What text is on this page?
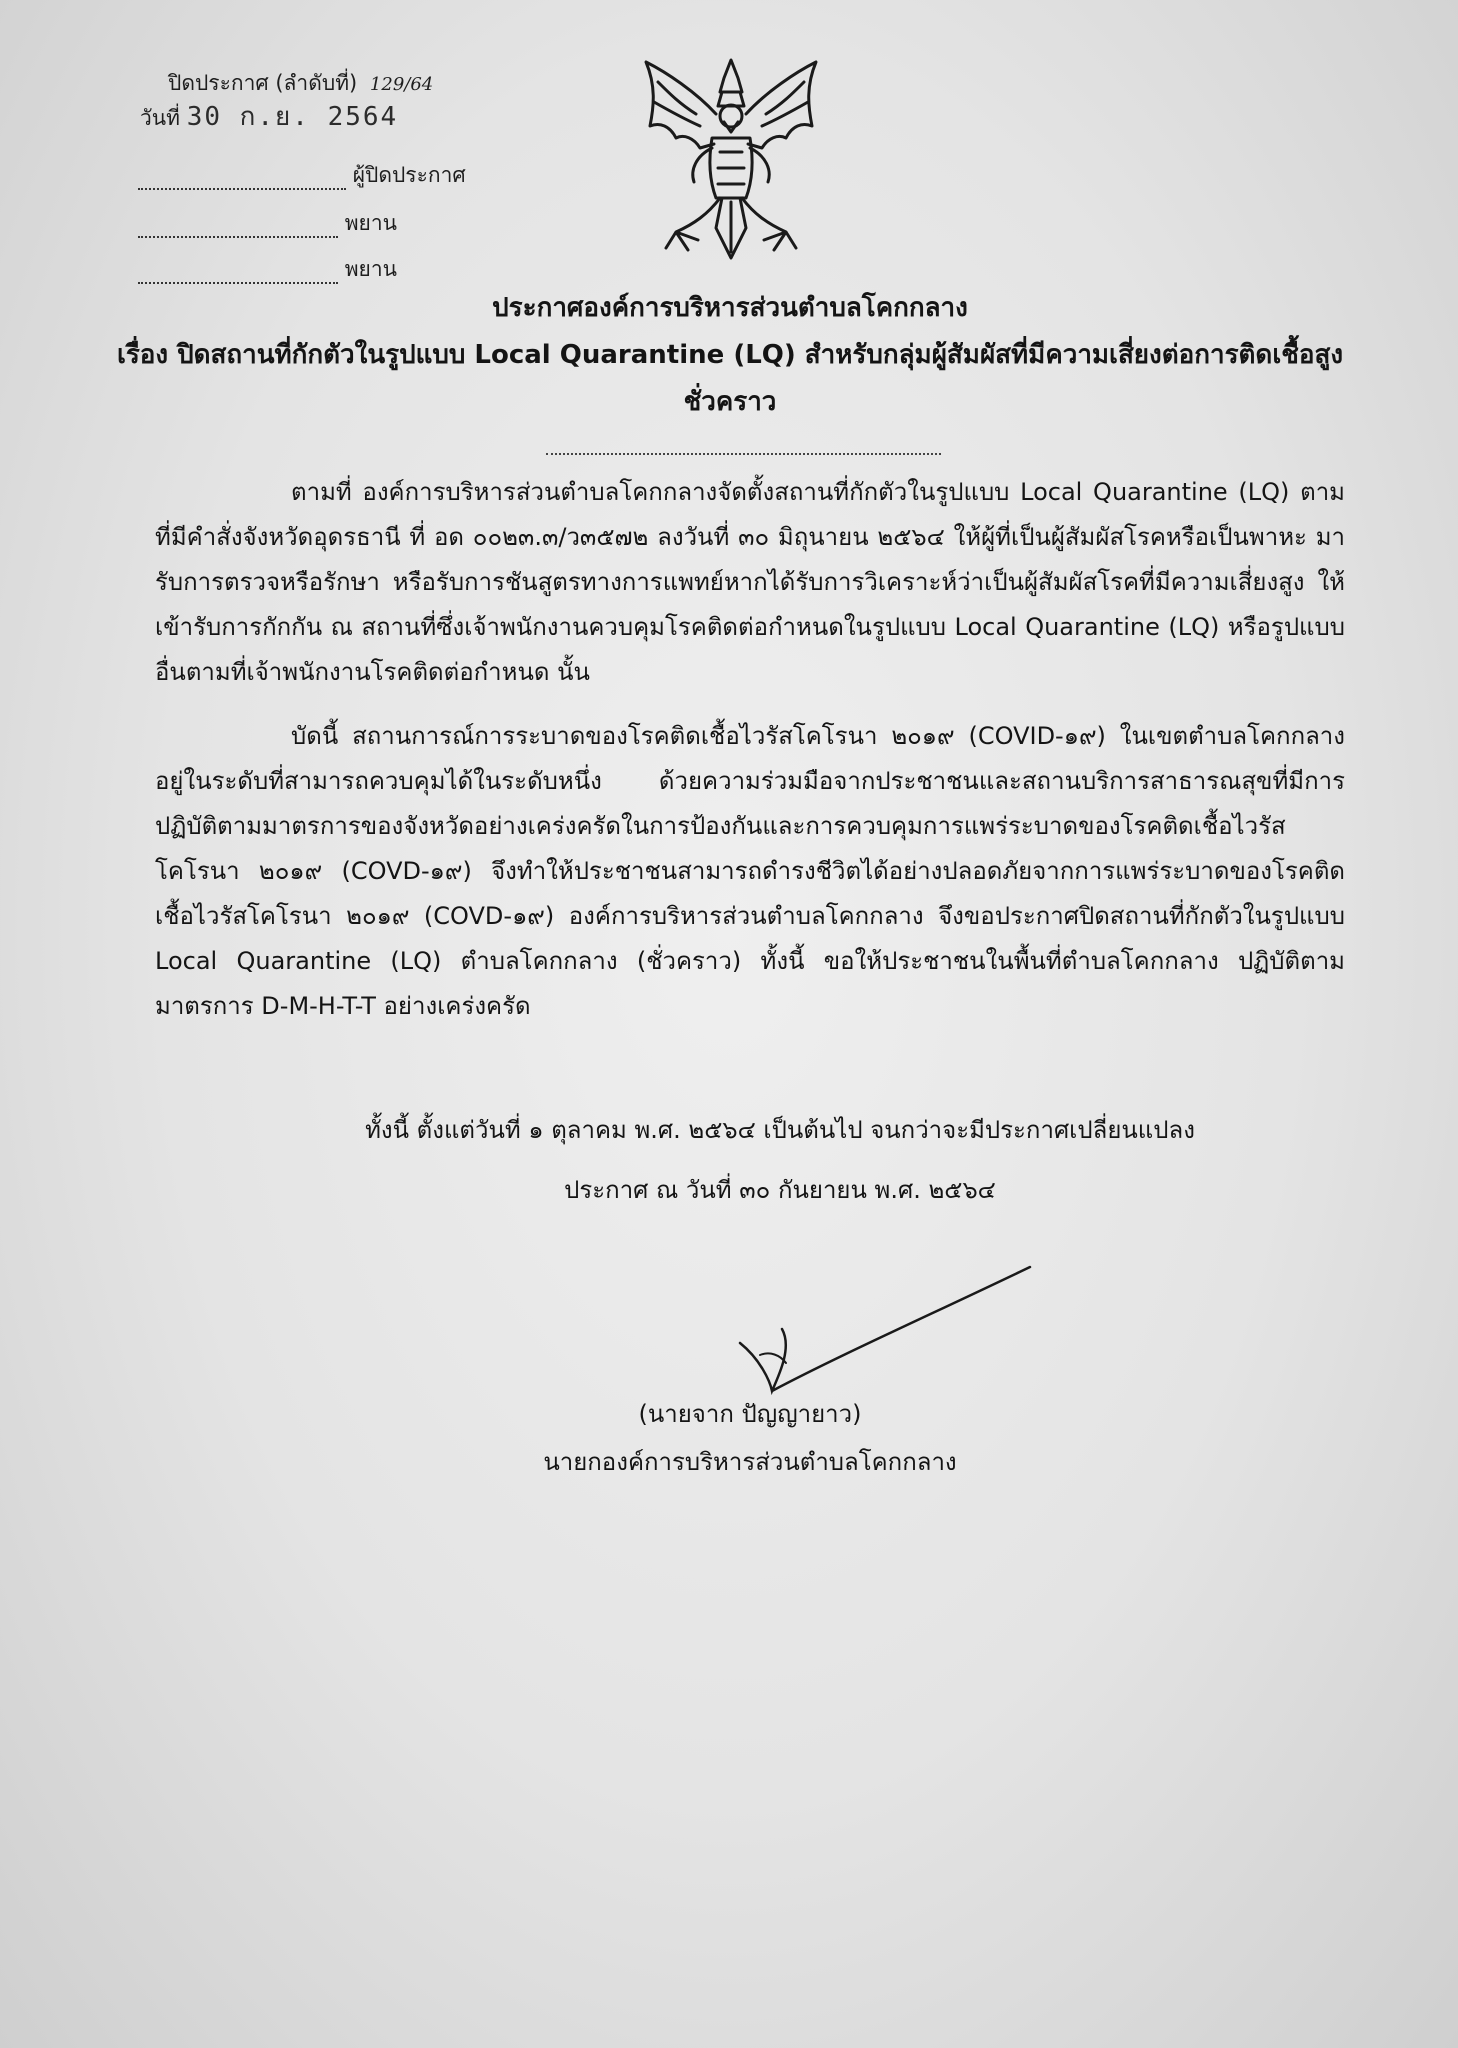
ปิดประกาศ (ลำดับที่) 129/64
วันที่ 30 ก.ย. 2564
ผู้ปิดประกาศ
พยาน
พยาน
ประกาศองค์การบริหารส่วนตำบลโคกกลาง
เรื่อง ปิดสถานที่กักตัวในรูปแบบ Local Quarantine (LQ) สำหรับกลุ่มผู้สัมผัสที่มีความเสี่ยงต่อการติดเชื้อสูง
ชั่วคราว
ตามที่ องค์การบริหารส่วนตำบลโคกกลางจัดตั้งสถานที่กักตัวในรูปแบบ Local Quarantine (LQ) ตามที่มีคำสั่งจังหวัดอุดรธานี ที่ อด ๐๐๒๓.๓/ว๓๕๗๒ ลงวันที่ ๓๐ มิถุนายน ๒๕๖๔ ให้ผู้ที่เป็นผู้สัมผัสโรคหรือเป็นพาหะ มารับการตรวจหรือรักษา หรือรับการชันสูตรทางการแพทย์หากได้รับการวิเคราะห์ว่าเป็นผู้สัมผัสโรคที่มีความเสี่ยงสูง ให้เข้ารับการกักกัน ณ สถานที่ซึ่งเจ้าพนักงานควบคุมโรคติดต่อกำหนดในรูปแบบ Local Quarantine (LQ) หรือรูปแบบอื่นตามที่เจ้าพนักงานโรคติดต่อกำหนด นั้น
บัดนี้ สถานการณ์การระบาดของโรคติดเชื้อไวรัสโคโรนา ๒๐๑๙ (COVID-๑๙) ในเขตตำบลโคกกลาง อยู่ในระดับที่สามารถควบคุมได้ในระดับหนึ่ง ด้วยความร่วมมือจากประชาชนและสถานบริการสาธารณสุขที่มีการปฏิบัติตามมาตรการของจังหวัดอย่างเคร่งครัดในการป้องกันและการควบคุมการแพร่ระบาดของโรคติดเชื้อไวรัสโคโรนา ๒๐๑๙ (COVD-๑๙) จึงทำให้ประชาชนสามารถดำรงชีวิตได้อย่างปลอดภัยจากการแพร่ระบาดของโรคติดเชื้อไวรัสโคโรนา ๒๐๑๙ (COVD-๑๙) องค์การบริหารส่วนตำบลโคกกลาง จึงขอประกาศปิดสถานที่กักตัวในรูปแบบ Local Quarantine (LQ) ตำบลโคกกลาง (ชั่วคราว) ทั้งนี้ ขอให้ประชาชนในพื้นที่ตำบลโคกกลาง ปฏิบัติตามมาตรการ D-M-H-T-T อย่างเคร่งครัด
ทั้งนี้ ตั้งแต่วันที่ ๑ ตุลาคม พ.ศ. ๒๕๖๔ เป็นต้นไป จนกว่าจะมีประกาศเปลี่ยนแปลง
ประกาศ ณ วันที่ ๓๐ กันยายน พ.ศ. ๒๕๖๔
(นายจาก ปัญญายาว)
นายกองค์การบริหารส่วนตำบลโคกกลาง
